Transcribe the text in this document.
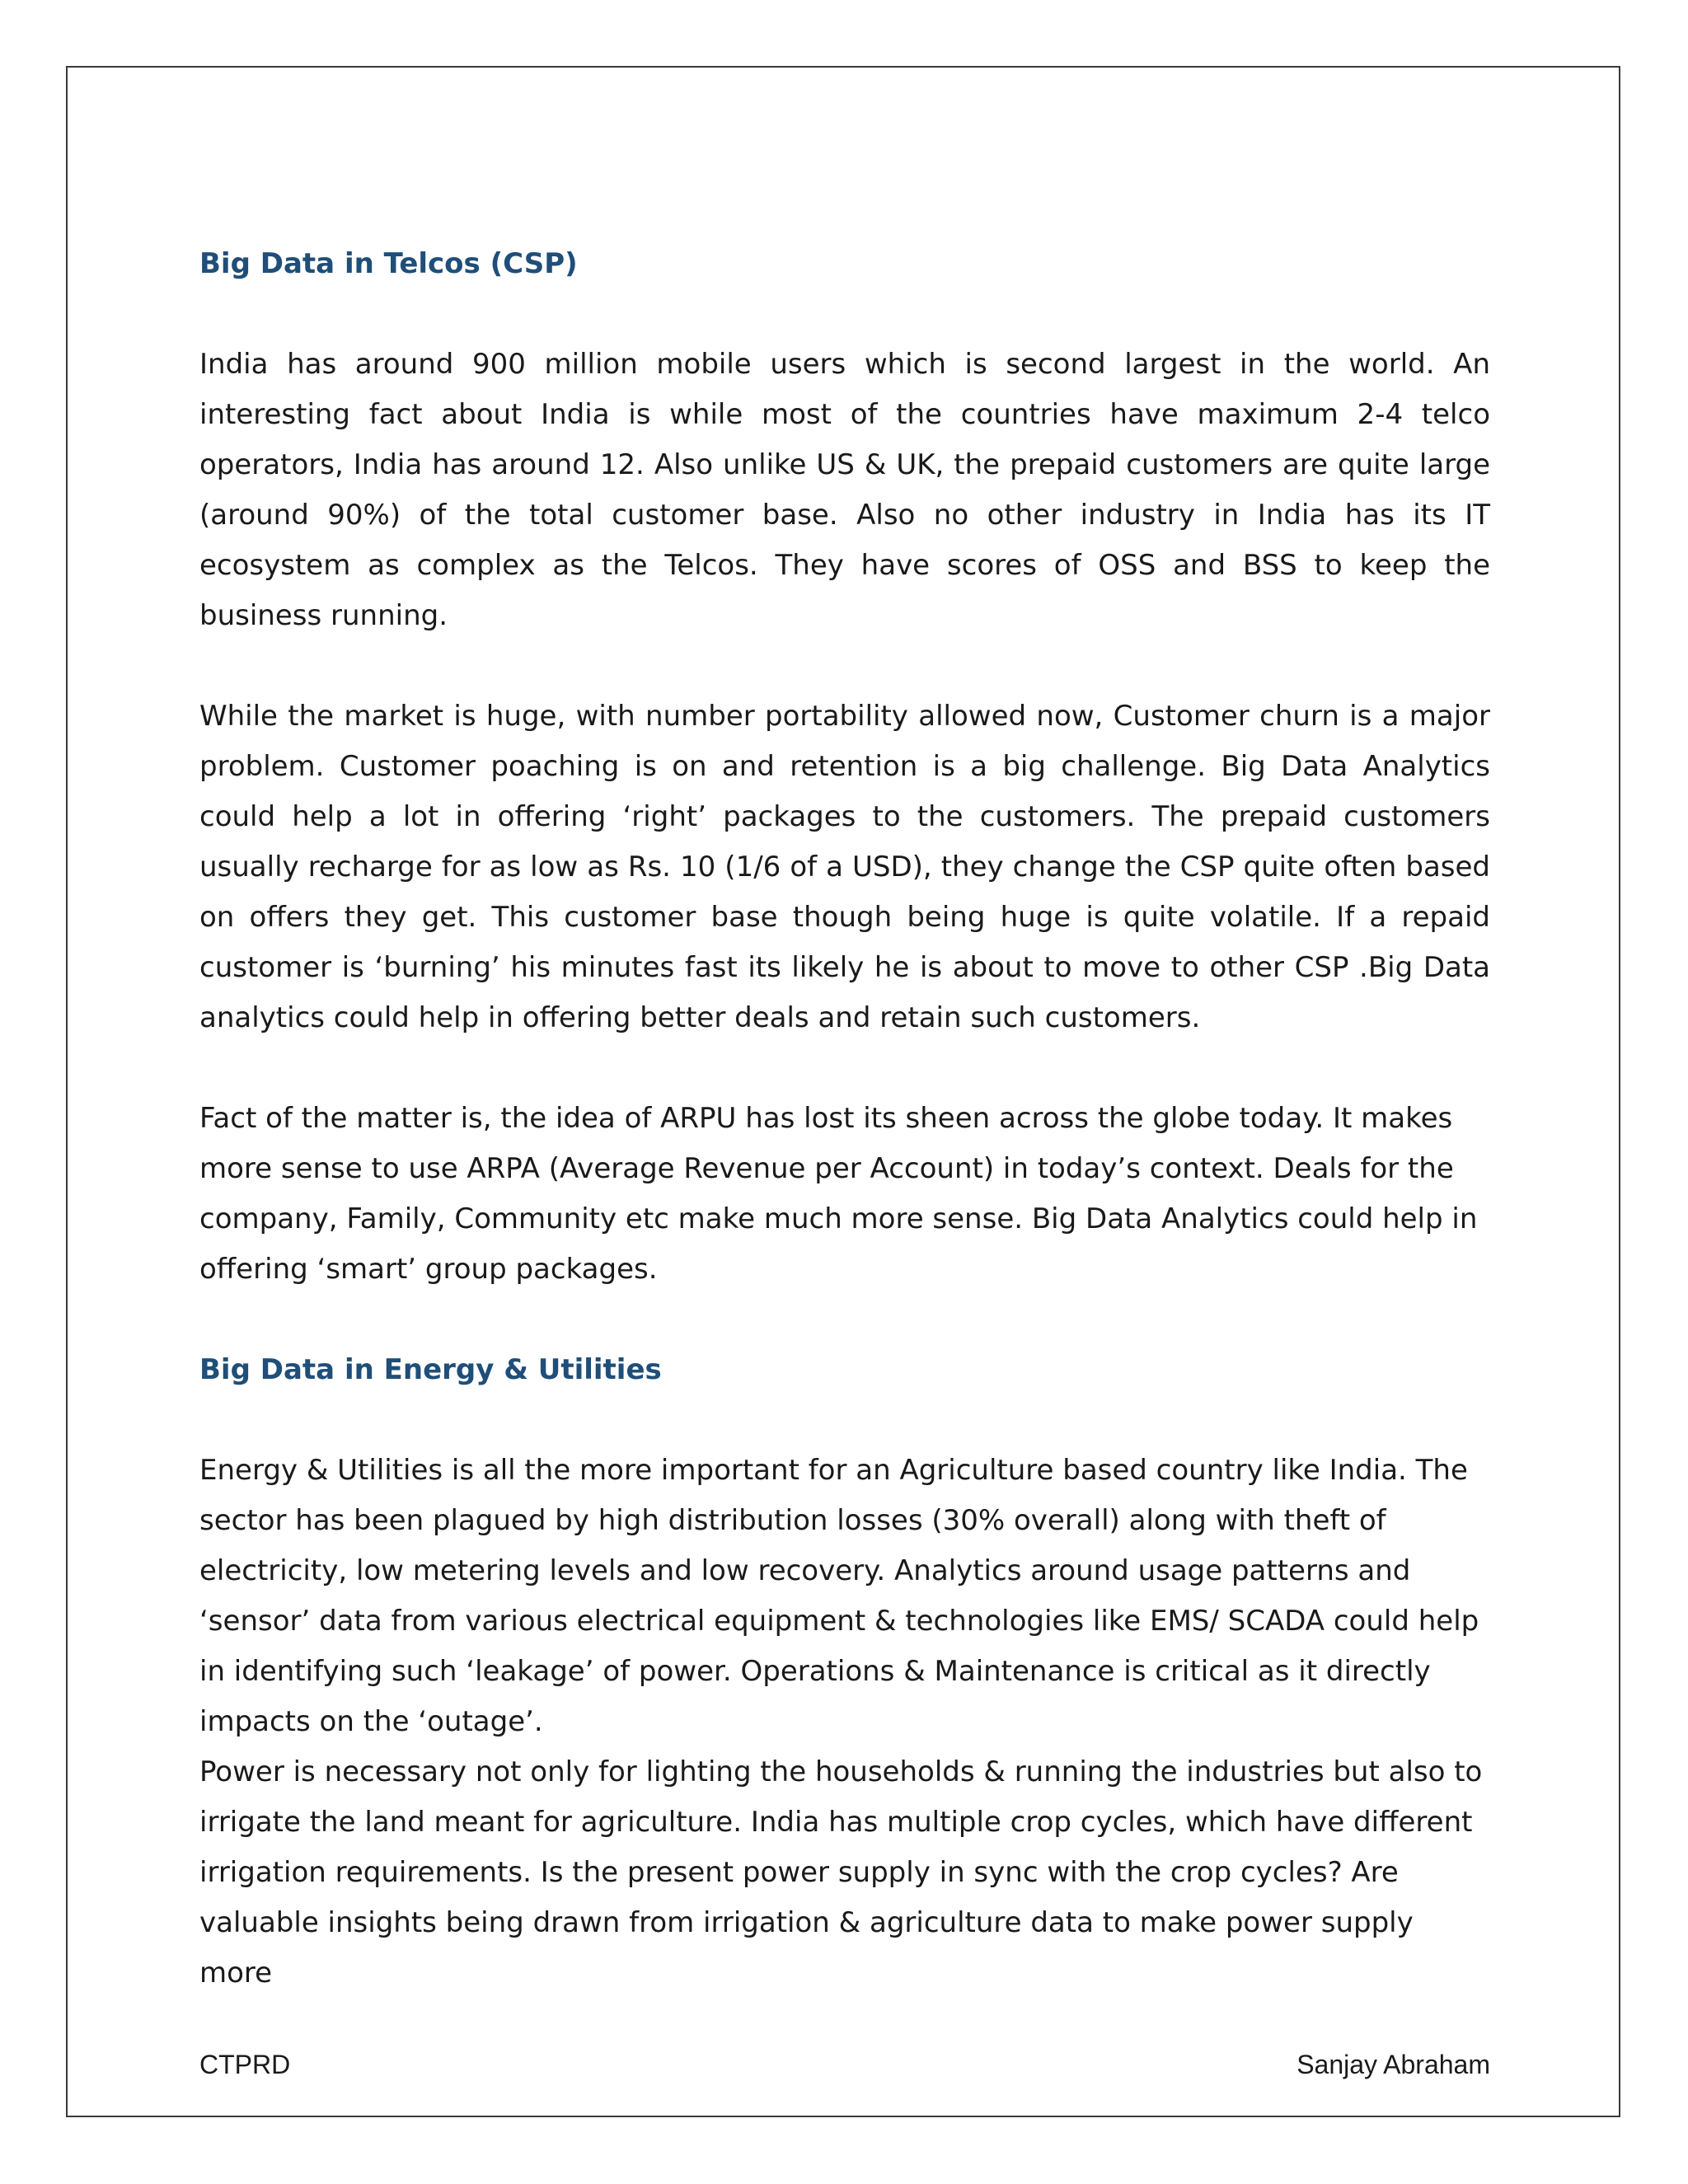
Big Data in Telcos (CSP)

India has around 900 million mobile users which is second largest in the world. An interesting fact about India is while most of the countries have maximum 2-4 telco operators, India has around 12. Also unlike US & UK, the prepaid customers are quite large (around 90%) of the total customer base. Also no other industry in India has its IT ecosystem as complex as the Telcos. They have scores of OSS and BSS to keep the business running.

While the market is huge, with number portability allowed now, Customer churn is a major problem. Customer poaching is on and retention is a big challenge. Big Data Analytics could help a lot in offering ‘right’ packages to the customers. The prepaid customers usually recharge for as low as Rs. 10 (1/6 of a USD), they change the CSP quite often based on offers they get. This customer base though being huge is quite volatile. If a repaid customer is ‘burning’ his minutes fast its likely he is about to move to other CSP .Big Data analytics could help in offering better deals and retain such customers.

Fact of the matter is, the idea of ARPU has lost its sheen across the globe today. It makes more sense to use ARPA (Average Revenue per Account) in today’s context. Deals for the company, Family, Community etc make much more sense. Big Data Analytics could help in offering ‘smart’ group packages.

Big Data in Energy & Utilities

Energy & Utilities is all the more important for an Agriculture based country like India. The sector has been plagued by high distribution losses (30% overall) along with theft of electricity, low metering levels and low recovery. Analytics around usage patterns and ‘sensor’ data from various electrical equipment & technologies like EMS/ SCADA could help in identifying such ‘leakage’ of power. Operations & Maintenance is critical as it directly impacts on the ‘outage’.

Power is necessary not only for lighting the households & running the industries but also to irrigate the land meant for agriculture. India has multiple crop cycles, which have different irrigation requirements. Is the present power supply in sync with the crop cycles? Are valuable insights being drawn from irrigation & agriculture data to make power supply more

CTPRD	Sanjay Abraham
